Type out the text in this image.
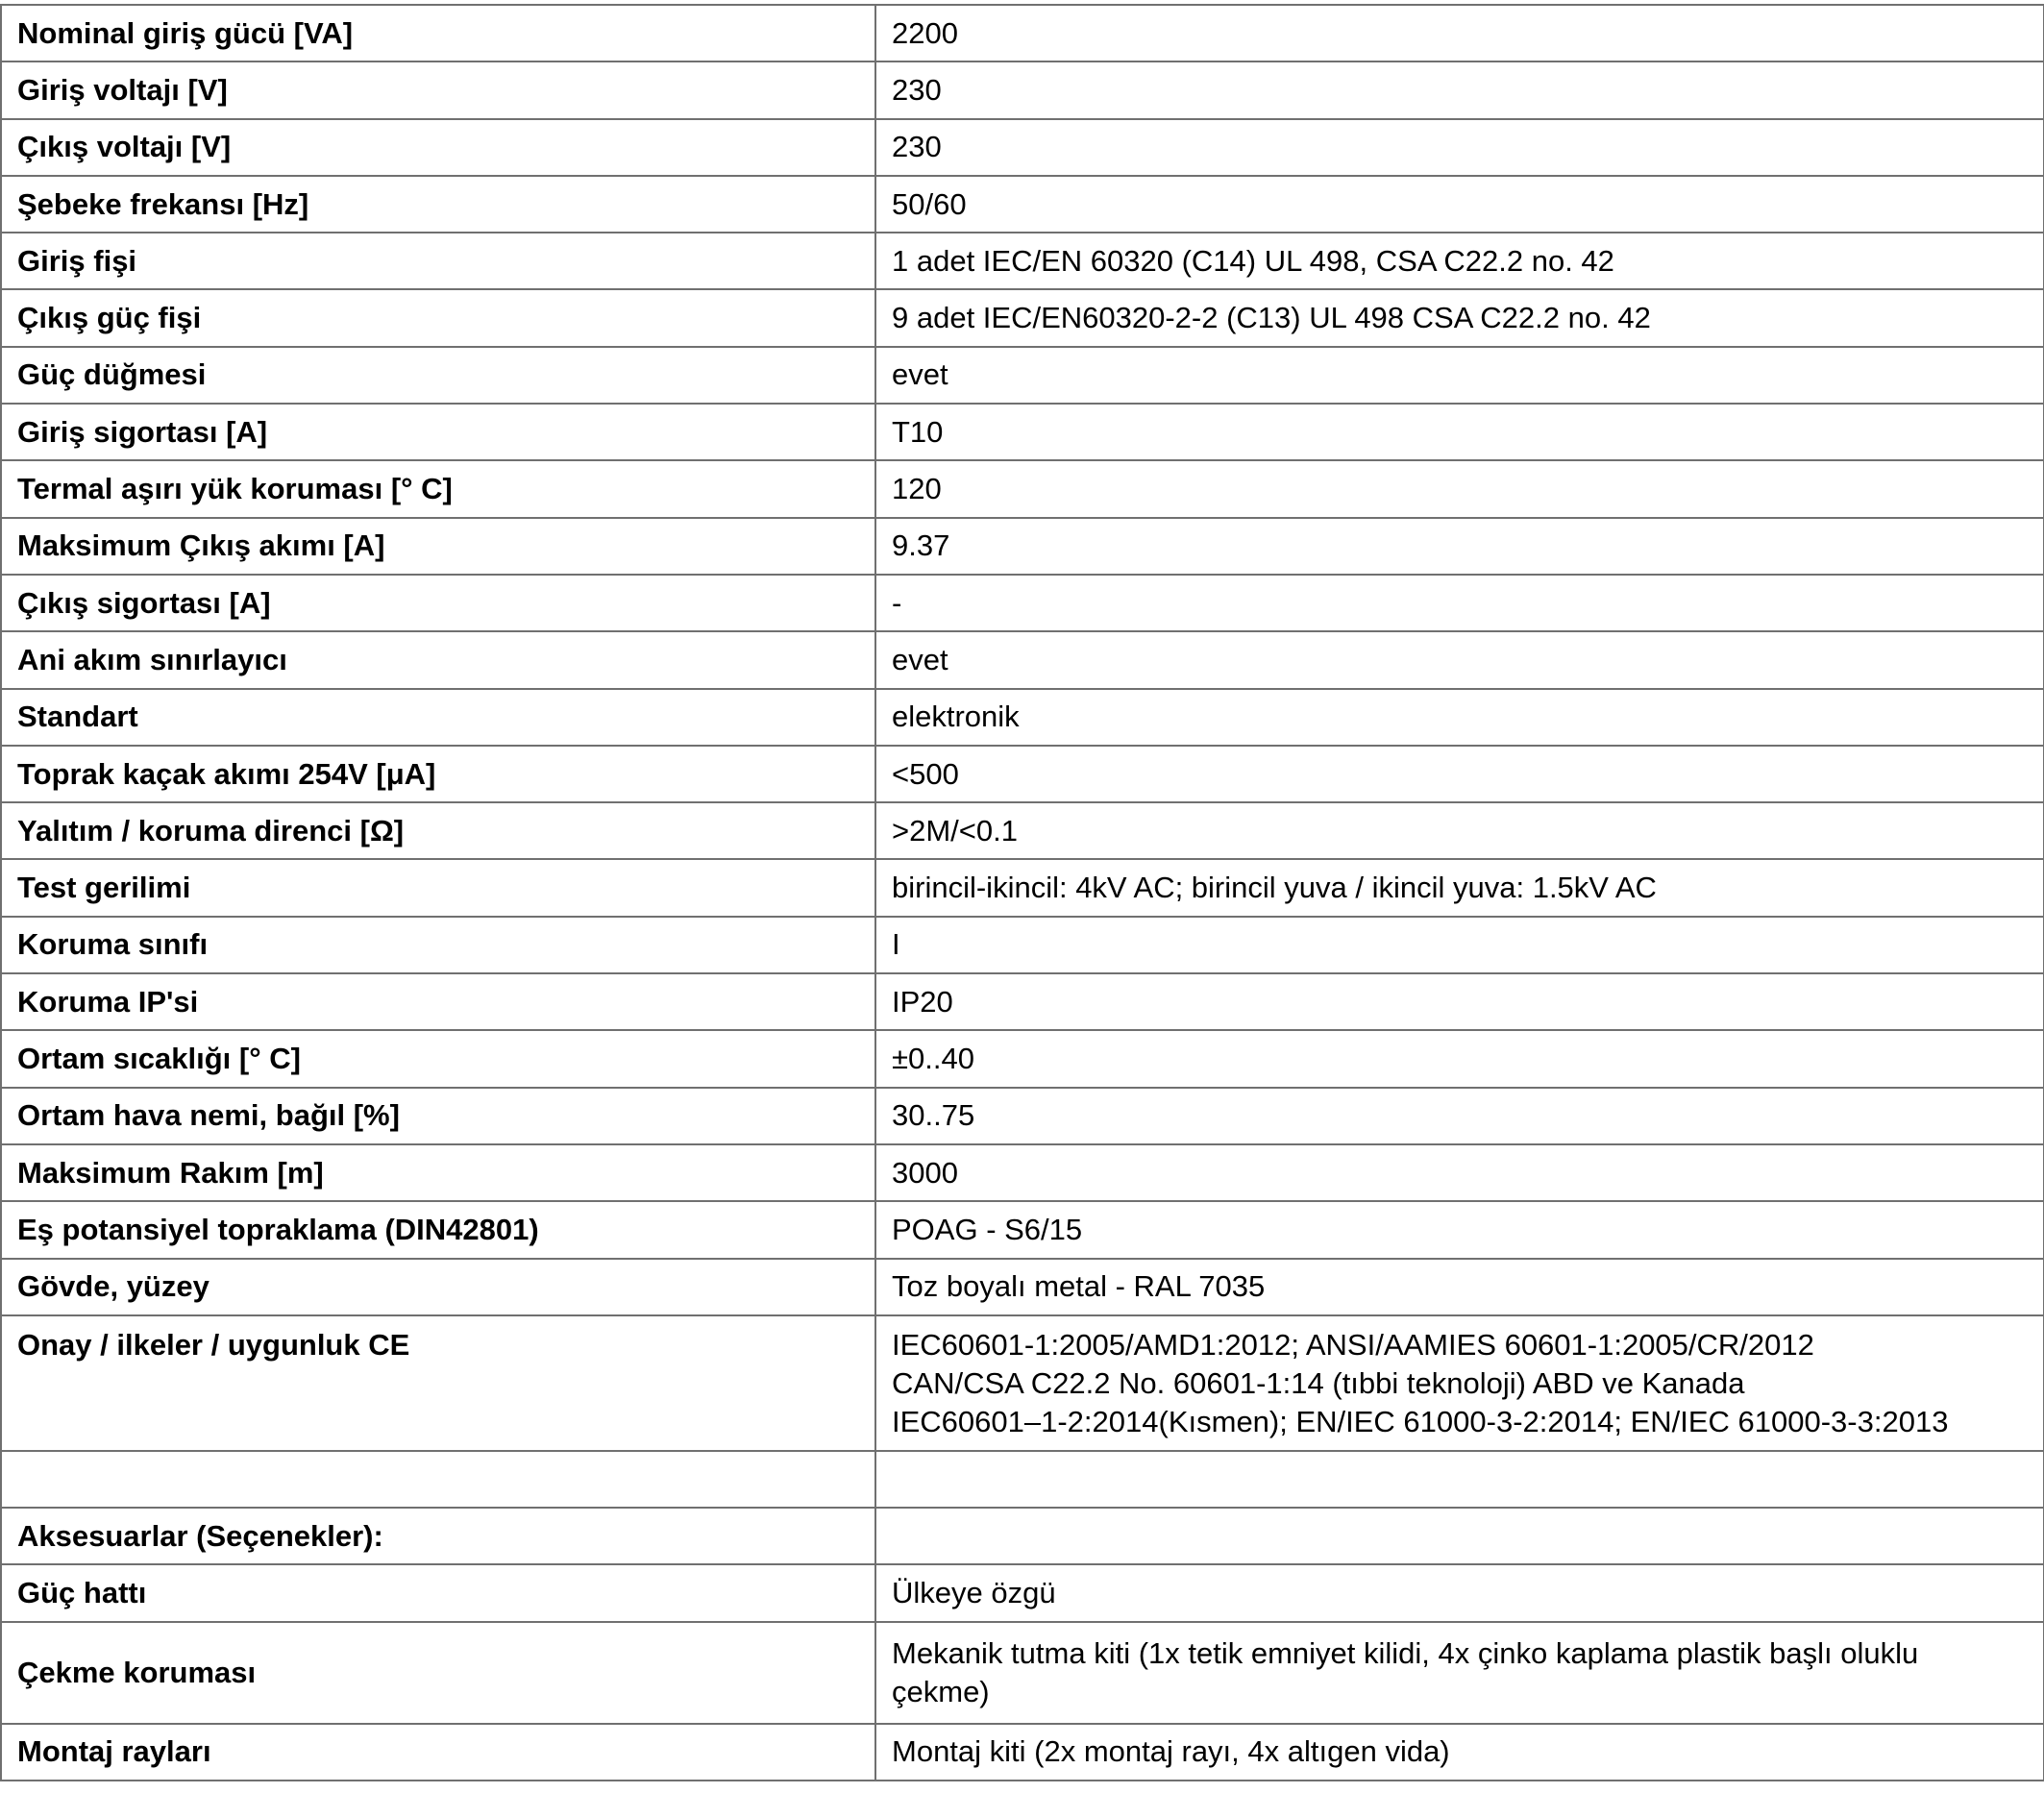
Nominal giriş gücü [VA]	2200
Giriş voltajı [V]	230
Çıkış voltajı [V]	230
Şebeke frekansı [Hz]	50/60
Giriş fişi	1 adet IEC/EN 60320 (C14) UL 498, CSA C22.2 no. 42
Çıkış güç fişi	9 adet IEC/EN60320-2-2 (C13) UL 498 CSA C22.2 no. 42
Güç düğmesi	evet
Giriş sigortası [A]	T10
Termal aşırı yük koruması [° C]	120
Maksimum Çıkış akımı [A]	9.37
Çıkış sigortası [A]	-
Ani akım sınırlayıcı	evet
Standart	elektronik
Toprak kaçak akımı 254V [μA]	<500
Yalıtım / koruma direnci [Ω]	>2M/<0.1
Test gerilimi	birincil-ikincil: 4kV AC; birincil yuva / ikincil yuva: 1.5kV AC
Koruma sınıfı	I
Koruma IP'si	IP20
Ortam sıcaklığı [° C]	±0..40
Ortam hava nemi, bağıl [%]	30..75
Maksimum Rakım [m]	3000
Eş potansiyel topraklama (DIN42801)	POAG - S6/15
Gövde, yüzey	Toz boyalı metal - RAL 7035
Onay / ilkeler / uygunluk CE	IEC60601-1:2005/AMD1:2012; ANSI/AAMIES 60601-1:2005/CR/2012
CAN/CSA C22.2 No. 60601-1:14 (tıbbi teknoloji) ABD ve Kanada
IEC60601–1-2:2014(Kısmen); EN/IEC 61000-3-2:2014; EN/IEC 61000-3-3:2013

Aksesuarlar (Seçenekler):	
Güç hattı	Ülkeye özgü
Çekme koruması	Mekanik tutma kiti (1x tetik emniyet kilidi, 4x çinko kaplama plastik başlı oluklu
çekme)

Montaj rayları	Montaj kiti (2x montaj rayı, 4x altıgen vida)
